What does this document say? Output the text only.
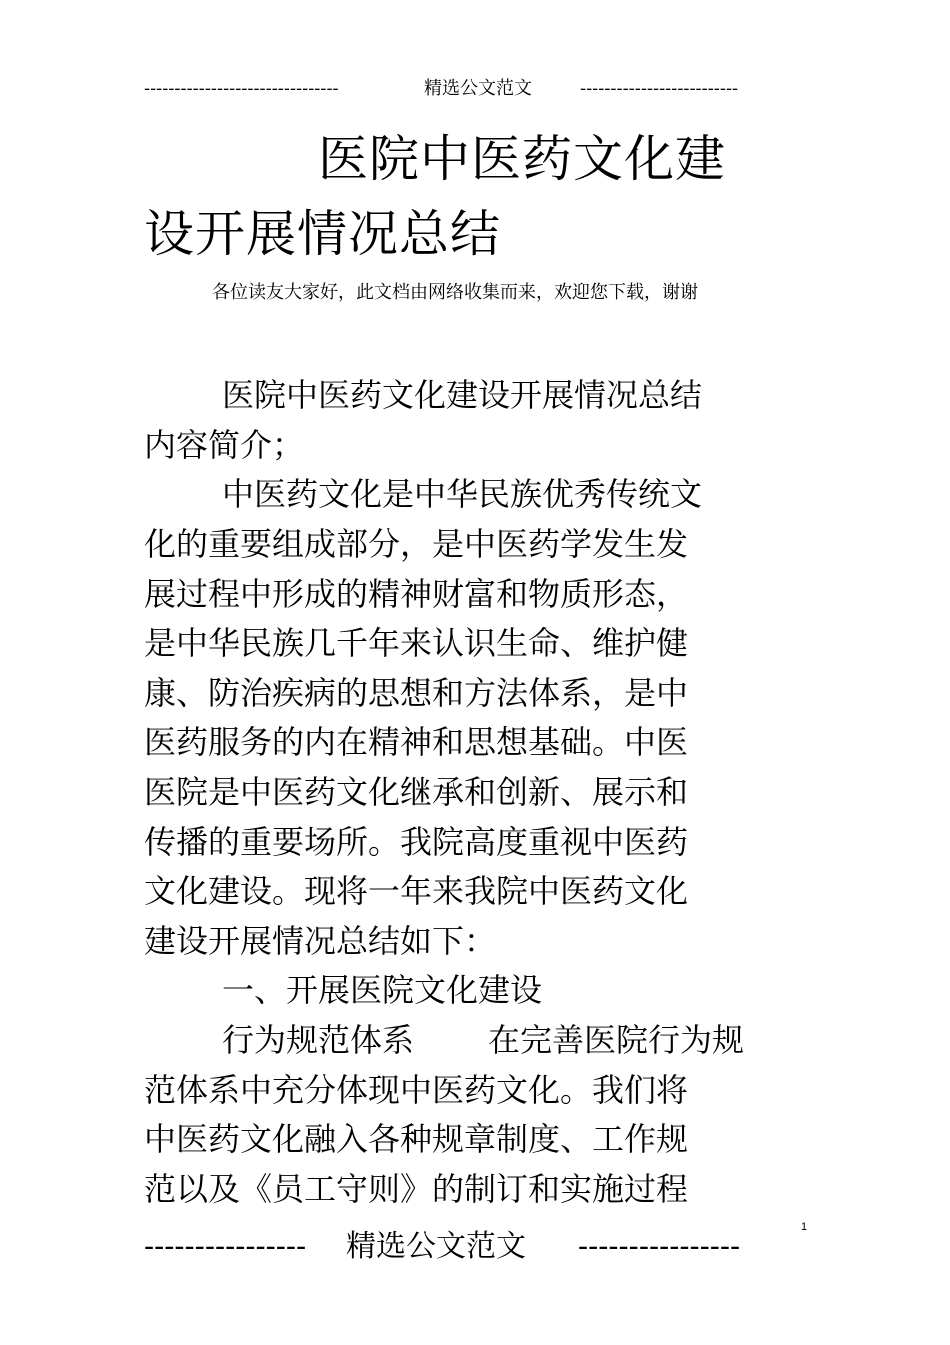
--------------------------------	精选公文范文	--------------------------
医院中医药文化建
设开展情况总结
各位读友大家好，此文档由网络收集而来，欢迎您下载，谢谢
医院中医药文化建设开展情况总结
内容简介；
中医药文化是中华民族优秀传统文
化的重要组成部分，是中医药学发生发
展过程中形成的精神财富和物质形态，
是中华民族几千年来认识生命、维护健
康、防治疾病的思想和方法体系，是中
医药服务的内在精神和思想基础。中医
医院是中医药文化继承和创新、展示和
传播的重要场所。我院高度重视中医药
文化建设。现将一年来我院中医药文化
建设开展情况总结如下：
一、开展医院文化建设
行为规范体系 在完善医院行为规
范体系中充分体现中医药文化。我们将
中医药文化融入各种规章制度、工作规
范以及《员工守则》的制订和实施过程
1
---------------- 精选公文范文 ----------------
